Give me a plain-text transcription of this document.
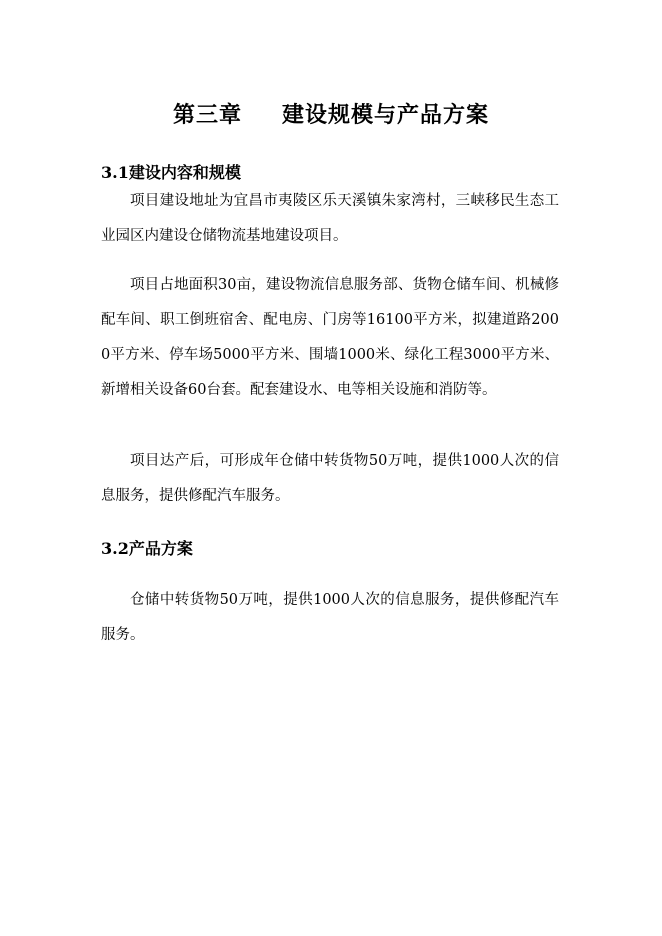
第三章 建设规模与产品方案
3.1建设内容和规模

项目建设地址为宜昌市夷陵区乐天溪镇朱家湾村，三峡移民生态工业园区内建设仓储物流基地建设项目。

项目占地面积30亩，建设物流信息服务部、货物仓储车间、机械修配车间、职工倒班宿舍、配电房、门房等16100平方米，拟建道路2000平方米、停车场5000平方米、围墙1000米、绿化工程3000平方米、新增相关设备60台套。配套建设水、电等相关设施和消防等。

项目达产后，可形成年仓储中转货物50万吨，提供1000人次的信息服务，提供修配汽车服务。

3.2产品方案

仓储中转货物50万吨，提供1000人次的信息服务，提供修配汽车服务。
